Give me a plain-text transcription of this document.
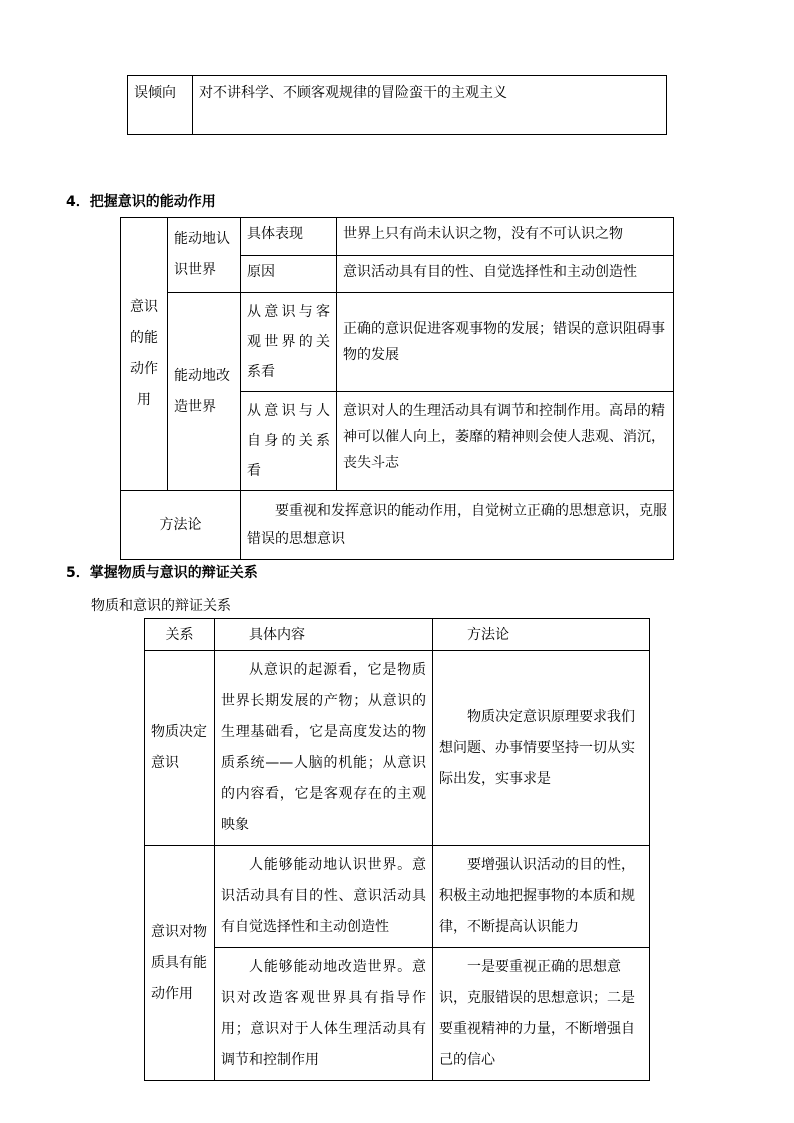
误倾向	对不讲科学、不顾客观规律的冒险蛮干的主观主义
4．把握意识的能动作用
意识的能动作用	能动地认识世界	具体表现	世界上只有尚未认识之物，没有不可认识之物
		原因	意识活动具有目的性、自觉选择性和主动创造性
	能动地改造世界	从意识与客观世界的关系看	正确的意识促进客观事物的发展；错误的意识阻碍事物的发展
		从意识与人自身的关系看	意识对人的生理活动具有调节和控制作用。高昂的精神可以催人向上，萎靡的精神则会使人悲观、消沉，丧失斗志
方法论		要重视和发挥意识的能动作用，自觉树立正确的思想意识，克服错误的思想意识	
5．掌握物质与意识的辩证关系
物质和意识的辩证关系
关系	具体内容	方法论
物质决定意识	从意识的起源看，它是物质世界长期发展的产物；从意识的生理基础看，它是高度发达的物质系统——人脑的机能；从意识的内容看，它是客观存在的主观映象	物质决定意识原理要求我们想问题、办事情要坚持一切从实际出发，实事求是
意识对物质具有能动作用	人能够能动地认识世界。意识活动具有目的性、意识活动具有自觉选择性和主动创造性	要增强认识活动的目的性，积极主动地把握事物的本质和规律，不断提高认识能力
	人能够能动地改造世界。意识对改造客观世界具有指导作用；意识对于人体生理活动具有调节和控制作用	一是要重视正确的思想意识，克服错误的思想意识；二是要重视精神的力量，不断增强自己的信心
